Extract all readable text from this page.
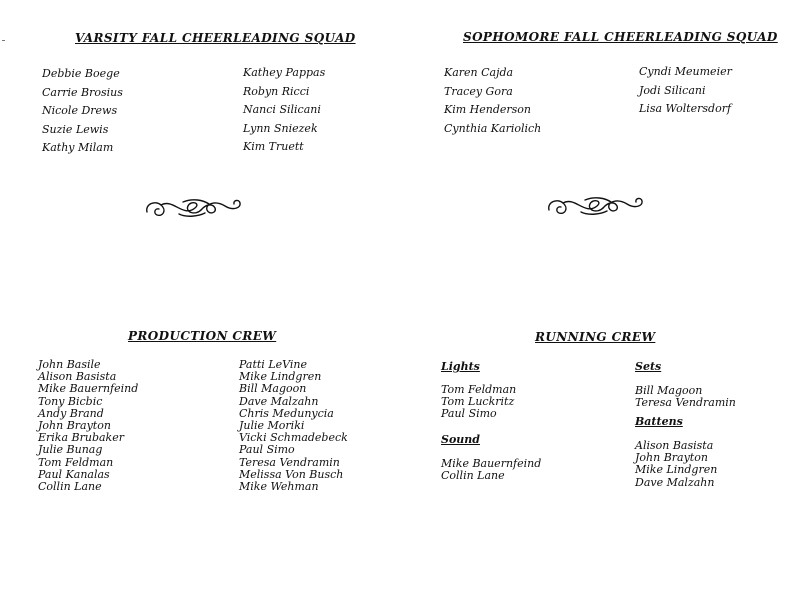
VARSITY FALL CHEERLEADING SQUAD
Debbie Boege
Carrie Brosius
Nicole Drews
Suzie Lewis
Kathy Milam
Kathey Pappas
Robyn Ricci
Nanci Silicani
Lynn Sniezek
Kim Truett
SOPHOMORE FALL CHEERLEADING SQUAD
Karen Cajda
Tracey Gora
Kim Henderson
Cynthia Kariolich
Cyndi Meumeier
Jodi Silicani
Lisa Woltersdorf
PRODUCTION CREW
John Basile
Alison Basista
Mike Bauernfeind
Tony Bicbic
Andy Brand
John Brayton
Erika Brubaker
Julie Bunag
Tom Feldman
Paul Kanalas
Collin Lane
Patti LeVine
Mike Lindgren
Bill Magoon
Dave Malzahn
Chris Medunycia
Julie Moriki
Vicki Schmadebeck
Paul Simo
Teresa Vendramin
Melissa Von Busch
Mike Wehman
RUNNING CREW
Lights
Tom Feldman
Tom Luckritz
Paul Simo
Sound
Mike Bauernfeind
Collin Lane
Sets
Bill Magoon
Teresa Vendramin
Battens
Alison Basista
John Brayton
Mike Lindgren
Dave Malzahn
